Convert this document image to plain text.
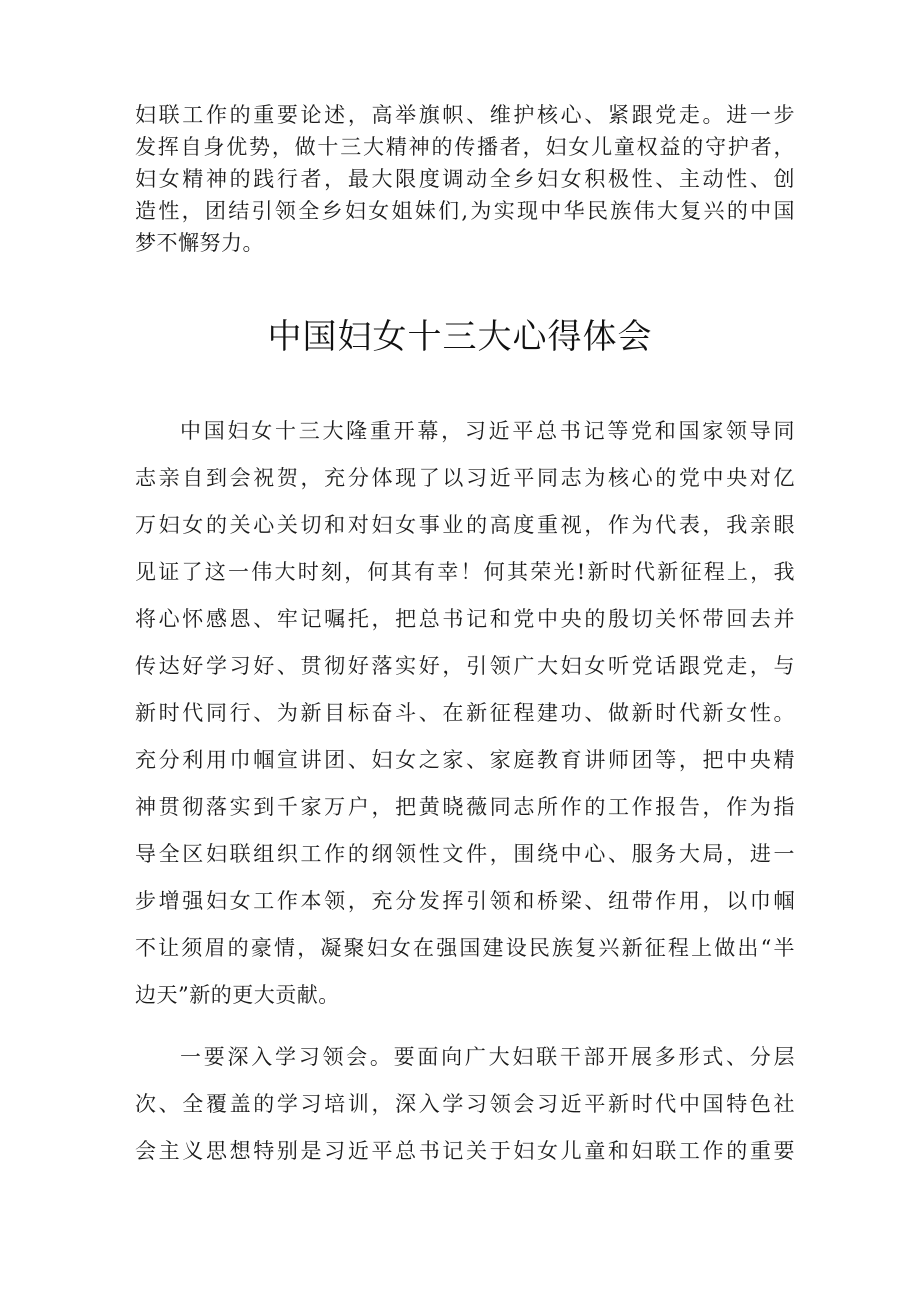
妇联工作的重要论述，高举旗帜、维护核心、紧跟党走。进一步
发挥自身优势，做十三大精神的传播者，妇女儿童权益的守护者，
妇女精神的践行者，最大限度调动全乡妇女积极性、主动性、创
造性，团结引领全乡妇女姐妹们,为实现中华民族伟大复兴的中国
梦不懈努力。
中国妇女十三大心得体会
中国妇女十三大隆重开幕，习近平总书记等党和国家领导同
志亲自到会祝贺，充分体现了以习近平同志为核心的党中央对亿
万妇女的关心关切和对妇女事业的高度重视，作为代表，我亲眼
见证了这一伟大时刻，何其有幸！何其荣光!新时代新征程上，我
将心怀感恩、牢记嘱托，把总书记和党中央的殷切关怀带回去并
传达好学习好、贯彻好落实好，引领广大妇女听党话跟党走，与
新时代同行、为新目标奋斗、在新征程建功、做新时代新女性。
充分利用巾帼宣讲团、妇女之家、家庭教育讲师团等，把中央精
神贯彻落实到千家万户，把黄晓薇同志所作的工作报告，作为指
导全区妇联组织工作的纲领性文件，围绕中心、服务大局，进一
步增强妇女工作本领，充分发挥引领和桥梁、纽带作用，以巾帼
不让须眉的豪情，凝聚妇女在强国建设民族复兴新征程上做出“半
边天”新的更大贡献。
一要深入学习领会。要面向广大妇联干部开展多形式、分层
次、全覆盖的学习培训，深入学习领会习近平新时代中国特色社
会主义思想特别是习近平总书记关于妇女儿童和妇联工作的重要
